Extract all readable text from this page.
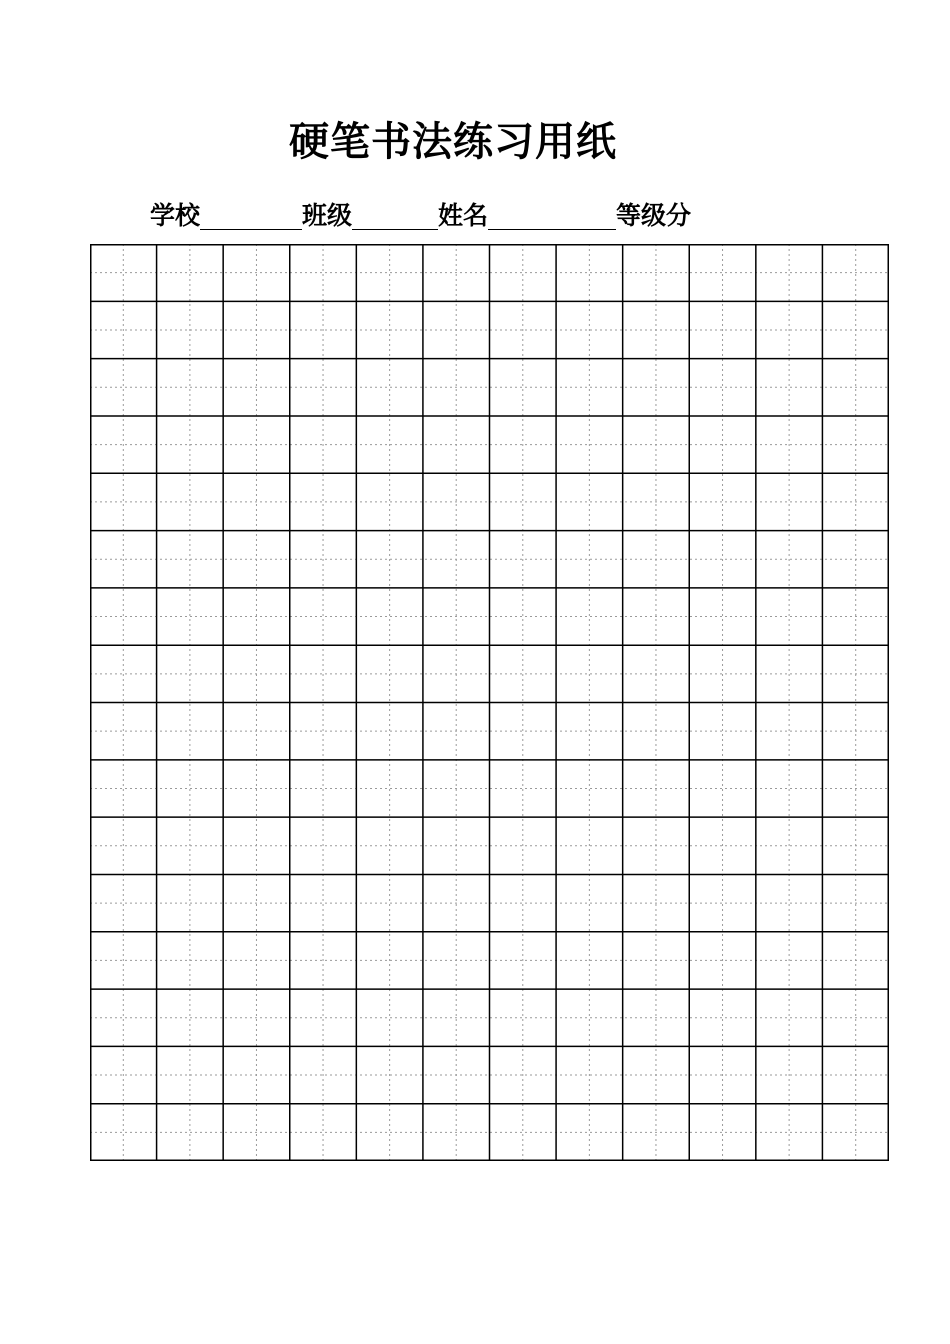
硬笔书法练习用纸
学校	班级	姓名	等级分
